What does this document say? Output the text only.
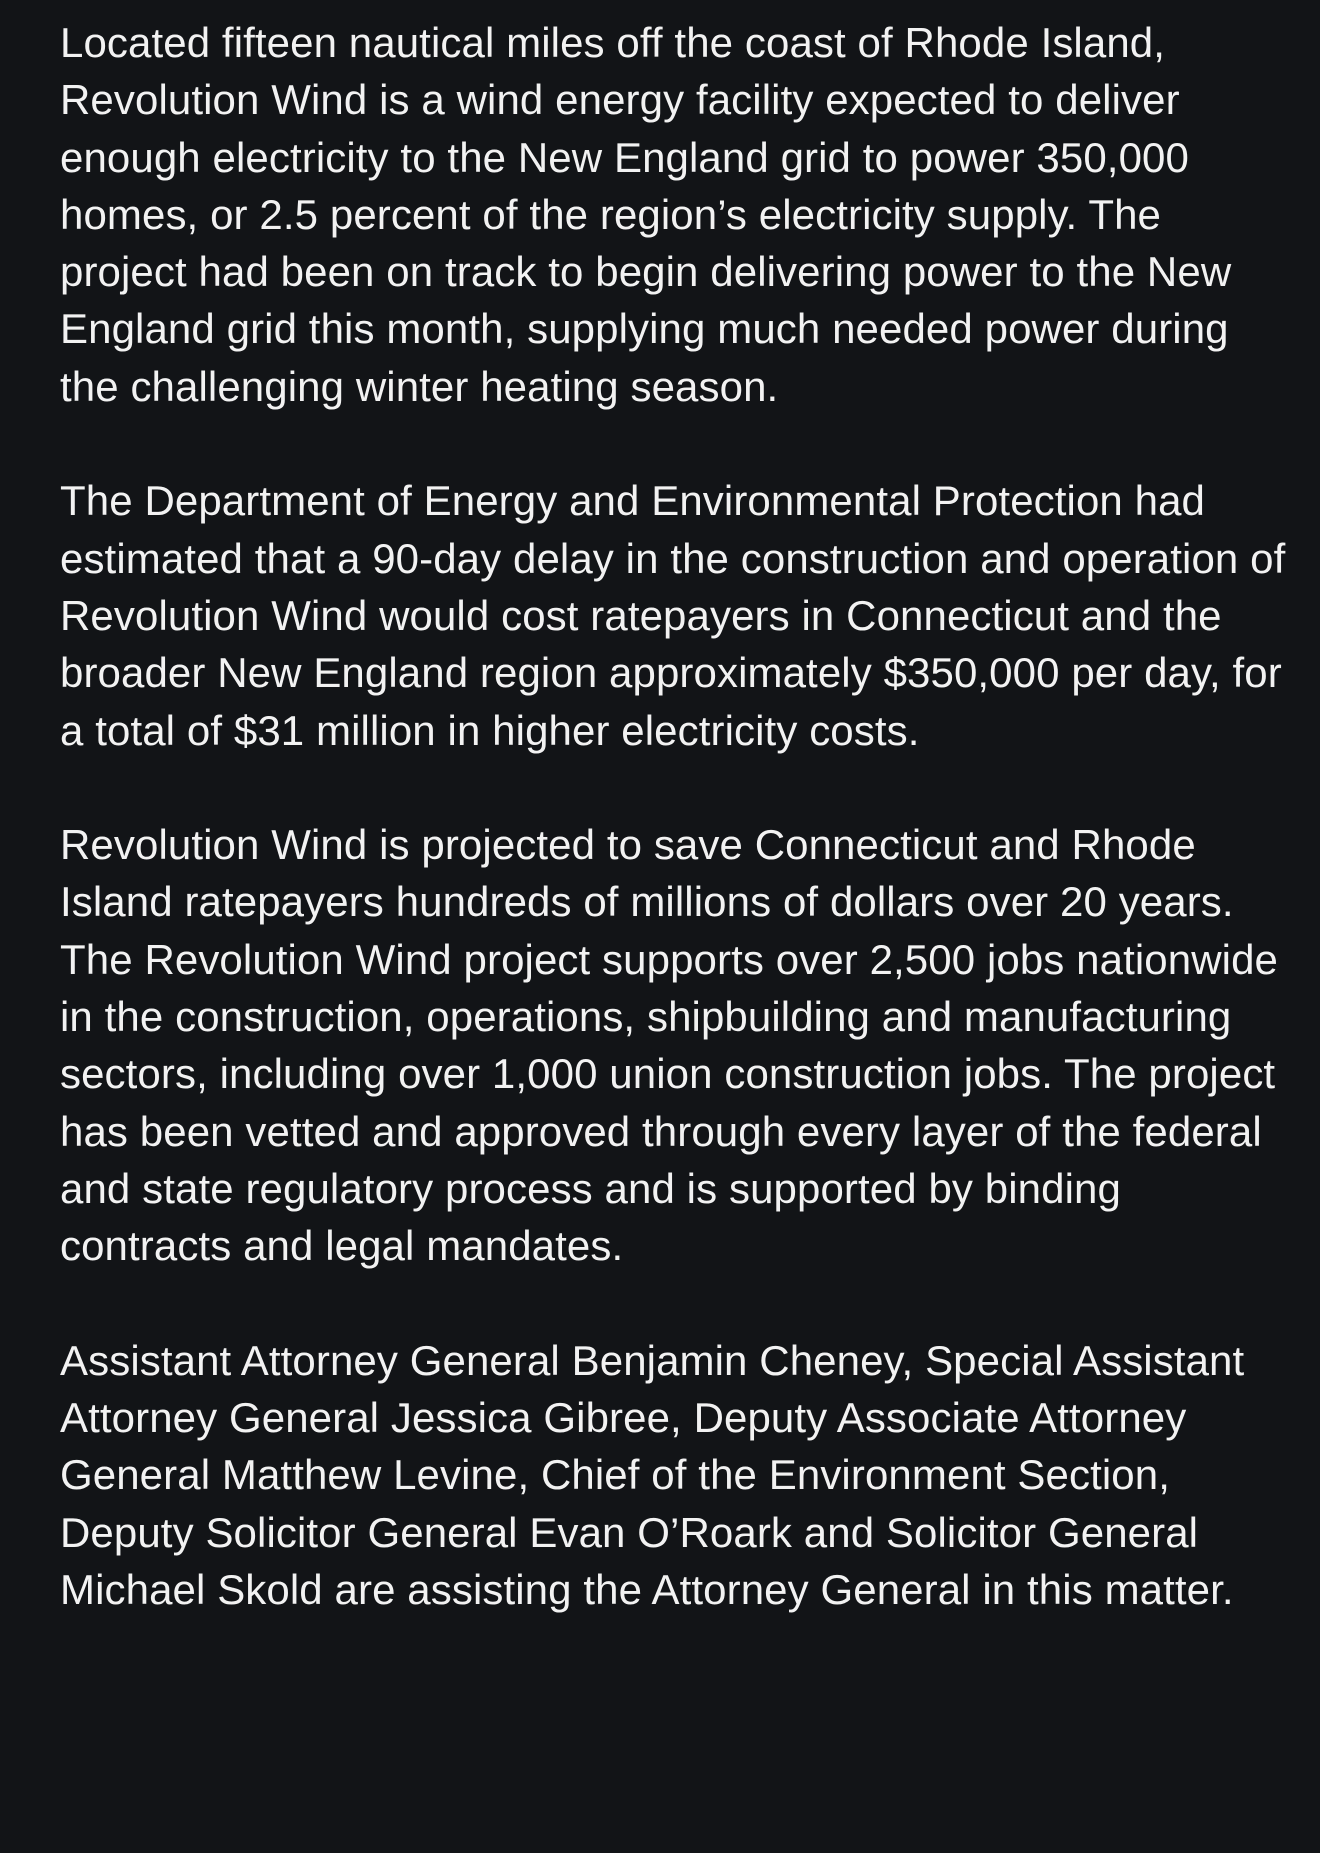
Located fifteen nautical miles off the coast of Rhode Island, Revolution Wind is a wind energy facility expected to deliver enough electricity to the New England grid to power 350,000 homes, or 2.5 percent of the region’s electricity supply. The project had been on track to begin delivering power to the New England grid this month, supplying much needed power during the challenging winter heating season.

The Department of Energy and Environmental Protection had estimated that a 90-day delay in the construction and operation of Revolution Wind would cost ratepayers in Connecticut and the broader New England region approximately $350,000 per day, for a total of $31 million in higher electricity costs.

Revolution Wind is projected to save Connecticut and Rhode Island ratepayers hundreds of millions of dollars over 20 years. The Revolution Wind project supports over 2,500 jobs nationwide in the construction, operations, shipbuilding and manufacturing sectors, including over 1,000 union construction jobs. The project has been vetted and approved through every layer of the federal and state regulatory process and is supported by binding contracts and legal mandates.

Assistant Attorney General Benjamin Cheney, Special Assistant Attorney General Jessica Gibree, Deputy Associate Attorney General Matthew Levine, Chief of the Environment Section, Deputy Solicitor General Evan O’Roark and Solicitor General Michael Skold are assisting the Attorney General in this matter.
